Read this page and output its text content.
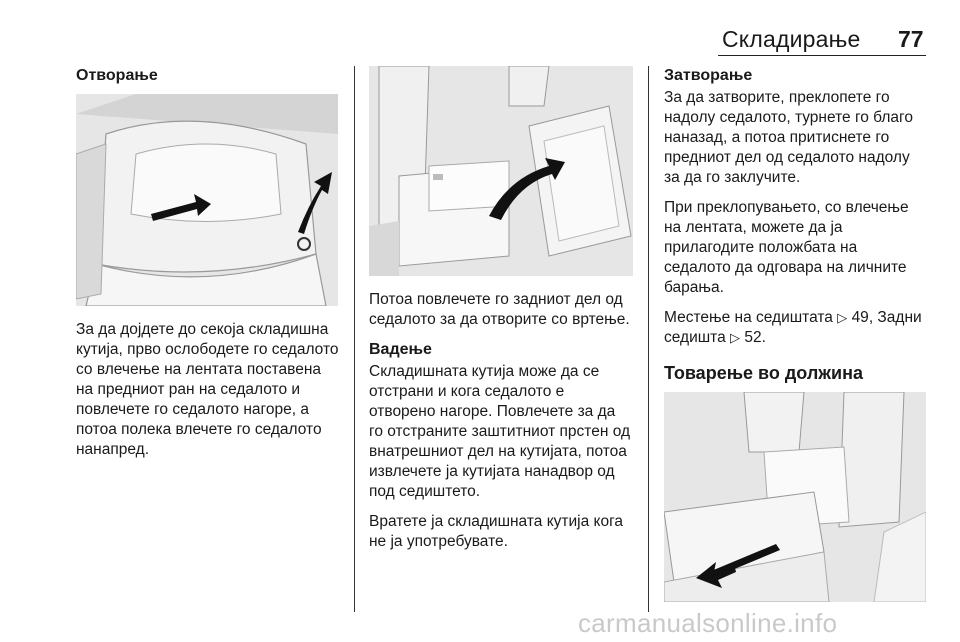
Складирање 77
Отворање
За да дојдете до секоја складишна кутија, прво ослободете го седалото со влечење на лентата поставена на предниот ран на седалото и повлечете го седалото нагоре, а потоа полека влечете го седалото нанапред.
Потоа повлечете го задниот дел од седалото за да отворите со вртење.
Вадење
Складишната кутија може да се отстрани и кога седалото е отворено нагоре. Повлечете за да го отстраните заштитниот прстен од внатрешниот дел на кутијата, потоа извлечете ја кутијата нанадвор од под седиштето.
Вратете ја складишната кутија кога не ја употребувате.
Затворање
За да затворите, преклопете го надолу седалото, турнете го благо наназад, а потоа притиснете го предниот дел од седалото надолу за да го заклучите.
При преклопувањето, со влечење на лентата, можете да ја прилагодите положбата на седалото да одговара на личните барања.
Местење на седиштата ▷ 49, Задни седишта ▷ 52.
Товарење во должина
carmanualsonline.info
